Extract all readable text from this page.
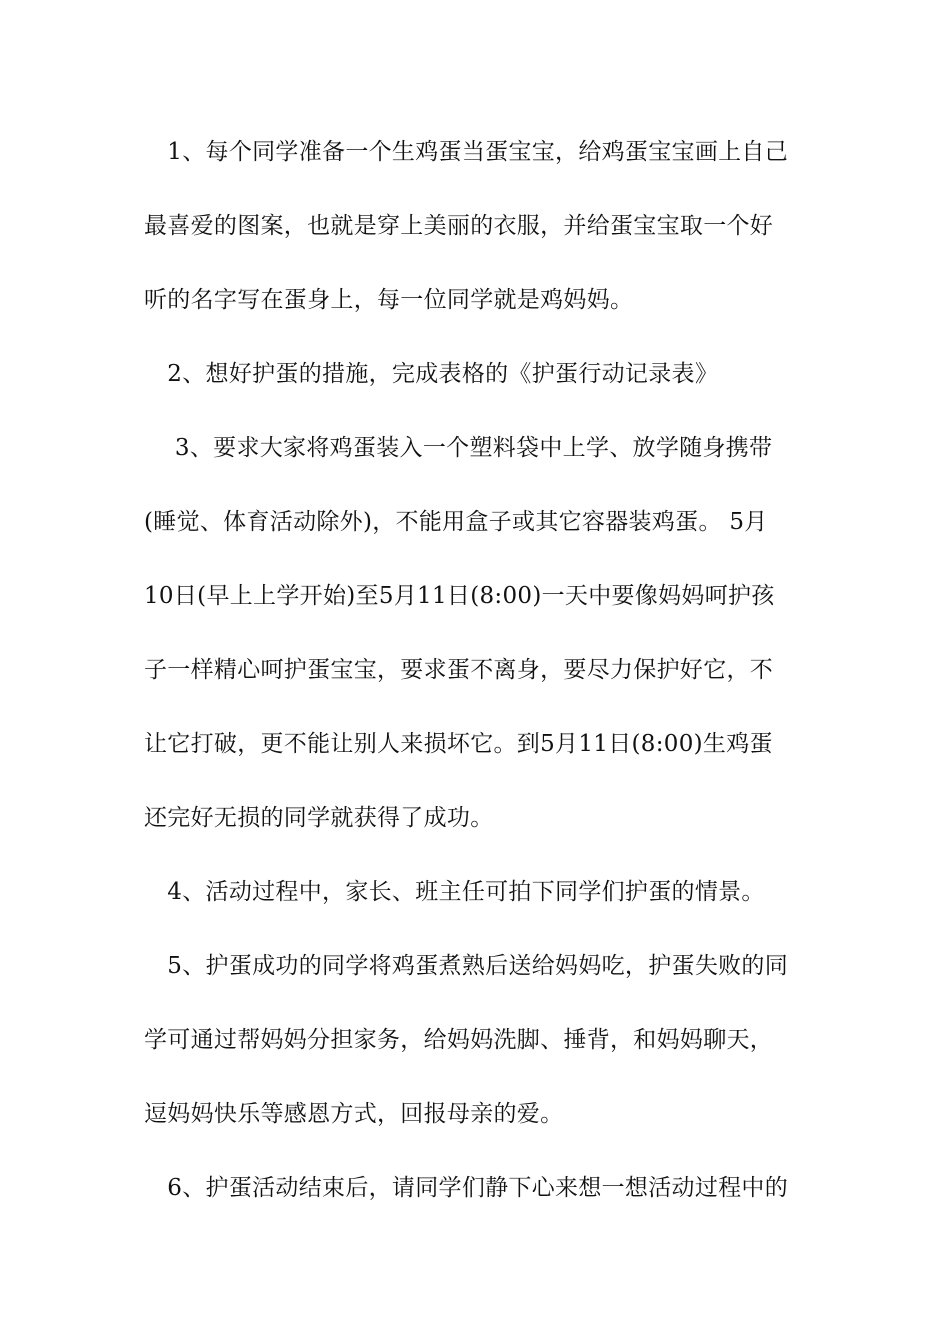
　1、每个同学准备一个生鸡蛋当蛋宝宝，给鸡蛋宝宝画上自己

最喜爱的图案，也就是穿上美丽的衣服，并给蛋宝宝取一个好

听的名字写在蛋身上，每一位同学就是鸡妈妈。

　2、想好护蛋的措施，完成表格的《护蛋行动记录表》

　 3、要求大家将鸡蛋装入一个塑料袋中上学、放学随身携带

(睡觉、体育活动除外)，不能用盒子或其它容器装鸡蛋。 5月

10日(早上上学开始)至5月11日(8:00)一天中要像妈妈呵护孩

子一样精心呵护蛋宝宝，要求蛋不离身，要尽力保护好它，不

让它打破，更不能让别人来损坏它。到5月11日(8:00)生鸡蛋

还完好无损的同学就获得了成功。

　4、活动过程中，家长、班主任可拍下同学们护蛋的情景。

　5、护蛋成功的同学将鸡蛋煮熟后送给妈妈吃，护蛋失败的同

学可通过帮妈妈分担家务，给妈妈洗脚、捶背，和妈妈聊天，

逗妈妈快乐等感恩方式，回报母亲的爱。

　6、护蛋活动结束后，请同学们静下心来想一想活动过程中的
